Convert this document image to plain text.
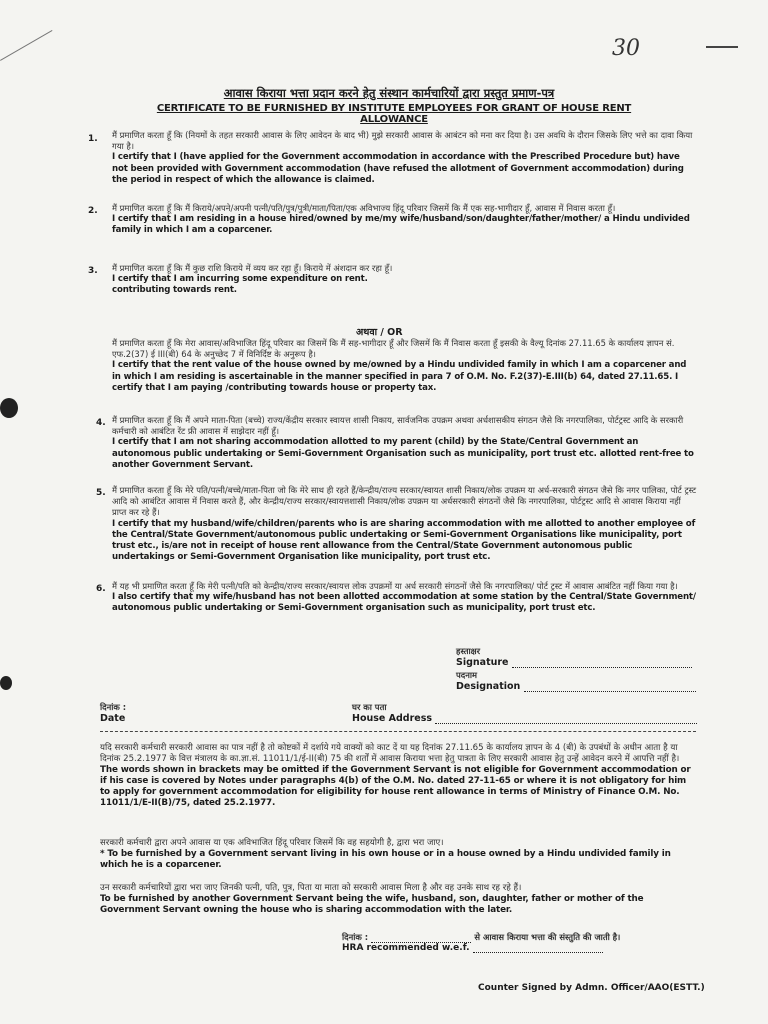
30
आवास किराया भत्ता प्रदान करने हेतु संस्थान कार्मचारियों द्वारा प्रस्तुत प्रमाण-पत्र
CERTIFICATE TO BE FURNISHED BY INSTITUTE EMPLOYEES FOR GRANT OF HOUSE RENT ALLOWANCE
1. मैं प्रमाणित करता हूँ कि (नियमों के तहत सरकारी आवास के लिए आवेदन के बाद भी) मुझे सरकारी आवास के आबंटन को मना कर दिया है। उस अवधि के दौरान जिसके लिए भत्ते का दावा किया गया है।
I certify that I (have applied for the Government accommodation in accordance with the Prescribed Procedure but) have not been provided with Government accommodation (have refused the allotment of Government accommodation) during the period in respect of which the allowance is claimed.
2. मैं प्रमाणित करता हूँ कि मैं किराये/अपने/अपनी पत्नी/पति/पुत्र/पुत्री/माता/पिता/एक अविभाज्य हिंदू परिवार जिसमें कि मैं एक सह-भागीदार हूँ, आवास में निवास करता हूँ।
I certify that I am residing in a house hired/owned by me/my wife/husband/son/daughter/father/mother/ a Hindu undivided family in which I am a coparcener.
3. मैं प्रमाणित करता हूँ कि मैं कुछ राशि किराये में व्यय कर रहा हूँ। किराये में अंशदान कर रहा हूँ।
I certify that I am incurring some expenditure on rent. contributing towards rent.
अथवा / OR
मैं प्रमाणित करता हूँ कि मेरा आवास/अविभाजित हिंदू परिवार का जिसमें कि मैं सह-भागीदार हूँ और जिसमें कि मैं निवास करता हूँ इसकी के वैल्यू दिनांक 27.11.65 के कार्यालय ज्ञापन सं. एफ.2(37) ई III(बी) 64 के अनुच्छेद 7 में विनिर्दिष्ट के अनुरूप है।
I certify that the rent value of the house owned by me/owned by a Hindu undivided family in which I am a coparcener and in which I am residing is ascertainable in the manner specified in para 7 of O.M. No. F.2(37)-E.III(b) 64, dated 27.11.65. I certify that I am paying /contributing towards house or property tax.
4. मैं प्रमाणित करता हूँ कि मैं अपने माता-पिता (बच्चे) राज्य/केंद्रीय सरकार स्वायत्त शासी निकाय, सार्वजनिक उपक्रम अथवा अर्धशासकीय संगठन जैसे कि नगरपालिका, पोर्टट्रस्ट आदि के सरकारी कर्मचारी को आबंटित रेंट फ्री आवास में साझेदार नहीं हूँ।
I certify that I am not sharing accommodation allotted to my parent (child) by the State/Central Government an autonomous public undertaking or Semi-Government Organisation such as municipality, port trust etc. allotted rent-free to another Government Servant.
5. मैं प्रमाणित करता हूँ कि मेरे पति/पत्नी/बच्चे/माता-पिता जो कि मेरे साथ ही रहते हैं/केन्द्रीय/राज्य सरकार/स्वायत शासी निकाय/लोक उपक्रम या अर्ध-सरकारी संगठन जैसे कि नगर पालिका, पोर्ट ट्रस्ट आदि को आबंटित आवास में निवास करते हैं, और केन्द्रीय/राज्य सरकार/स्वायत्तशासी निकाय/लोक उपक्रम या अर्धसरकारी संगठनों जैसे कि नगरपालिका, पोर्टट्रस्ट आदि से आवास किराया नहीं प्राप्त कर रहे हैं।
I certify that my husband/wife/children/parents who is are sharing accommodation with me allotted to another employee of the Central/State Government/autonomous public undertaking or Semi-Government Organisations like municipality, port trust etc., is/are not in receipt of house rent allowance from the Central/State Government autonomous public undertakings or Semi-Government Organisation like municipality, port trust etc.
6. मैं यह भी प्रमाणित करता हूँ कि मेरी पत्नी/पति को केन्द्रीय/राज्य सरकार/स्वायत्त लोक उपक्रमों या अर्ध सरकारी संगठनों जैसे कि नगरपालिका/ पोर्ट ट्रस्ट में आवास आबंटित नहीं किया गया है।
I also certify that my wife/husband has not been allotted accommodation at some station by the Central/State Government/ autonomous public undertaking or Semi-Government organisation such as municipality, port trust etc.
हस्ताक्षर
Signature
पदनाम
Designation
दिनांक :
Date
घर का पता
House Address
यदि सरकारी कर्मचारी सरकारी आवास का पात्र नहीं है तो कोष्टकों में दर्शाये गये वाक्यों को काट दें या यह दिनांक 27.11.65 के कार्यालय ज्ञापन के 4 (बी) के उपबंधों के अधीन आता है या दिनांक 25.2.1977 के वित्त मंत्रालय के का.ज्ञा.सं. 11011/1/ई-II(बी) 75 की शर्तों में आवास किराया भत्ता हेतु पात्रता के लिए सरकारी आवास हेतु उन्हें आवेदन करने में आपत्ति नहीं है।
The words shown in brackets may be omitted if the Government Servant is not eligible for Government accommodation or if his case is covered by Notes under paragraphs 4(b) of the O.M. No. dated 27-11-65 or where it is not obligatory for him to apply for government accommodation for eligibility for house rent allowance in terms of Ministry of Finance O.M. No. 11011/1/E-II(B)/75, dated 25.2.1977.
सरकारी कर्मचारी द्वारा अपने आवास या एक अविभाजित हिंदू परिवार जिसमें कि वह सहयोगी है, द्वारा भरा जाए।
* To be furnished by a Government servant living in his own house or in a house owned by a Hindu undivided family in which he is a coparcener.
उन सरकारी कर्मचारियों द्वारा भरा जाए जिनकी पत्नी, पति, पुत्र, पिता या माता को सरकारी आवास मिला है और वह उनके साथ रह रहे हैं।
To be furnished by another Government Servant being the wife, husband, son, daughter, father or mother of the Government Servant owning the house who is sharing accommodation with the later.
दिनांक :	से आवास किराया भत्ता की संस्तुति की जाती है।
HRA recommended w.e.f.
Counter Signed by Admn. Officer/AAO(ESTT.)
